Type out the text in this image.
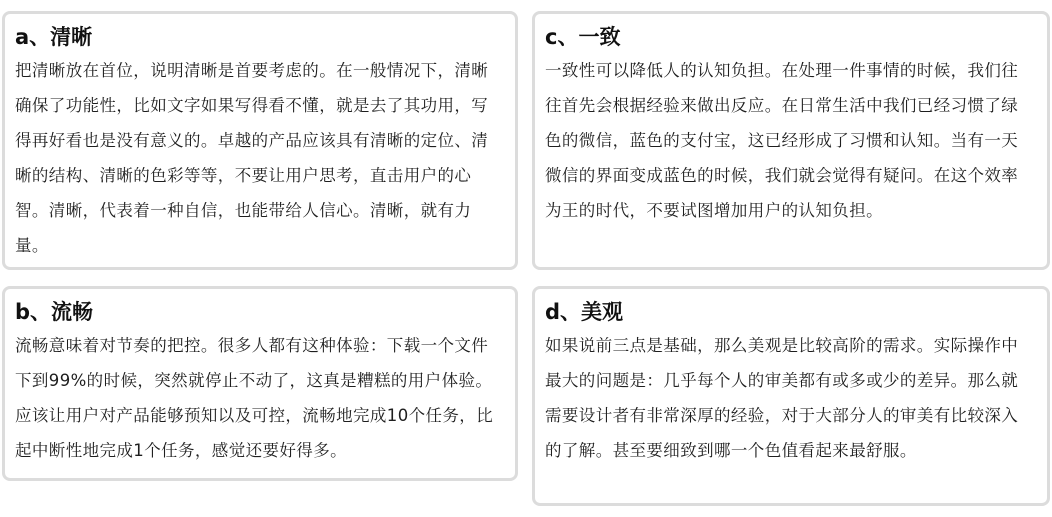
a、清晰

把清晰放在首位，说明清晰是首要考虑的。在一般情况下，清晰确保了功能性，比如文字如果写得看不懂，就是去了其功用，写得再好看也是没有意义的。卓越的产品应该具有清晰的定位、清晰的结构、清晰的色彩等等，不要让用户思考，直击用户的心智。清晰，代表着一种自信，也能带给人信心。清晰，就有力量。

c、一致

一致性可以降低人的认知负担。在处理一件事情的时候，我们往往首先会根据经验来做出反应。在日常生活中我们已经习惯了绿色的微信，蓝色的支付宝，这已经形成了习惯和认知。当有一天微信的界面变成蓝色的时候，我们就会觉得有疑问。在这个效率为王的时代，不要试图增加用户的认知负担。

b、流畅

流畅意味着对节奏的把控。很多人都有这种体验：下载一个文件下到99%的时候，突然就停止不动了，这真是糟糕的用户体验。应该让用户对产品能够预知以及可控，流畅地完成10个任务，比起中断性地完成1个任务，感觉还要好得多。

d、美观

如果说前三点是基础，那么美观是比较高阶的需求。实际操作中最大的问题是：几乎每个人的审美都有或多或少的差异。那么就需要设计者有非常深厚的经验，对于大部分人的审美有比较深入的了解。甚至要细致到哪一个色值看起来最舒服。
